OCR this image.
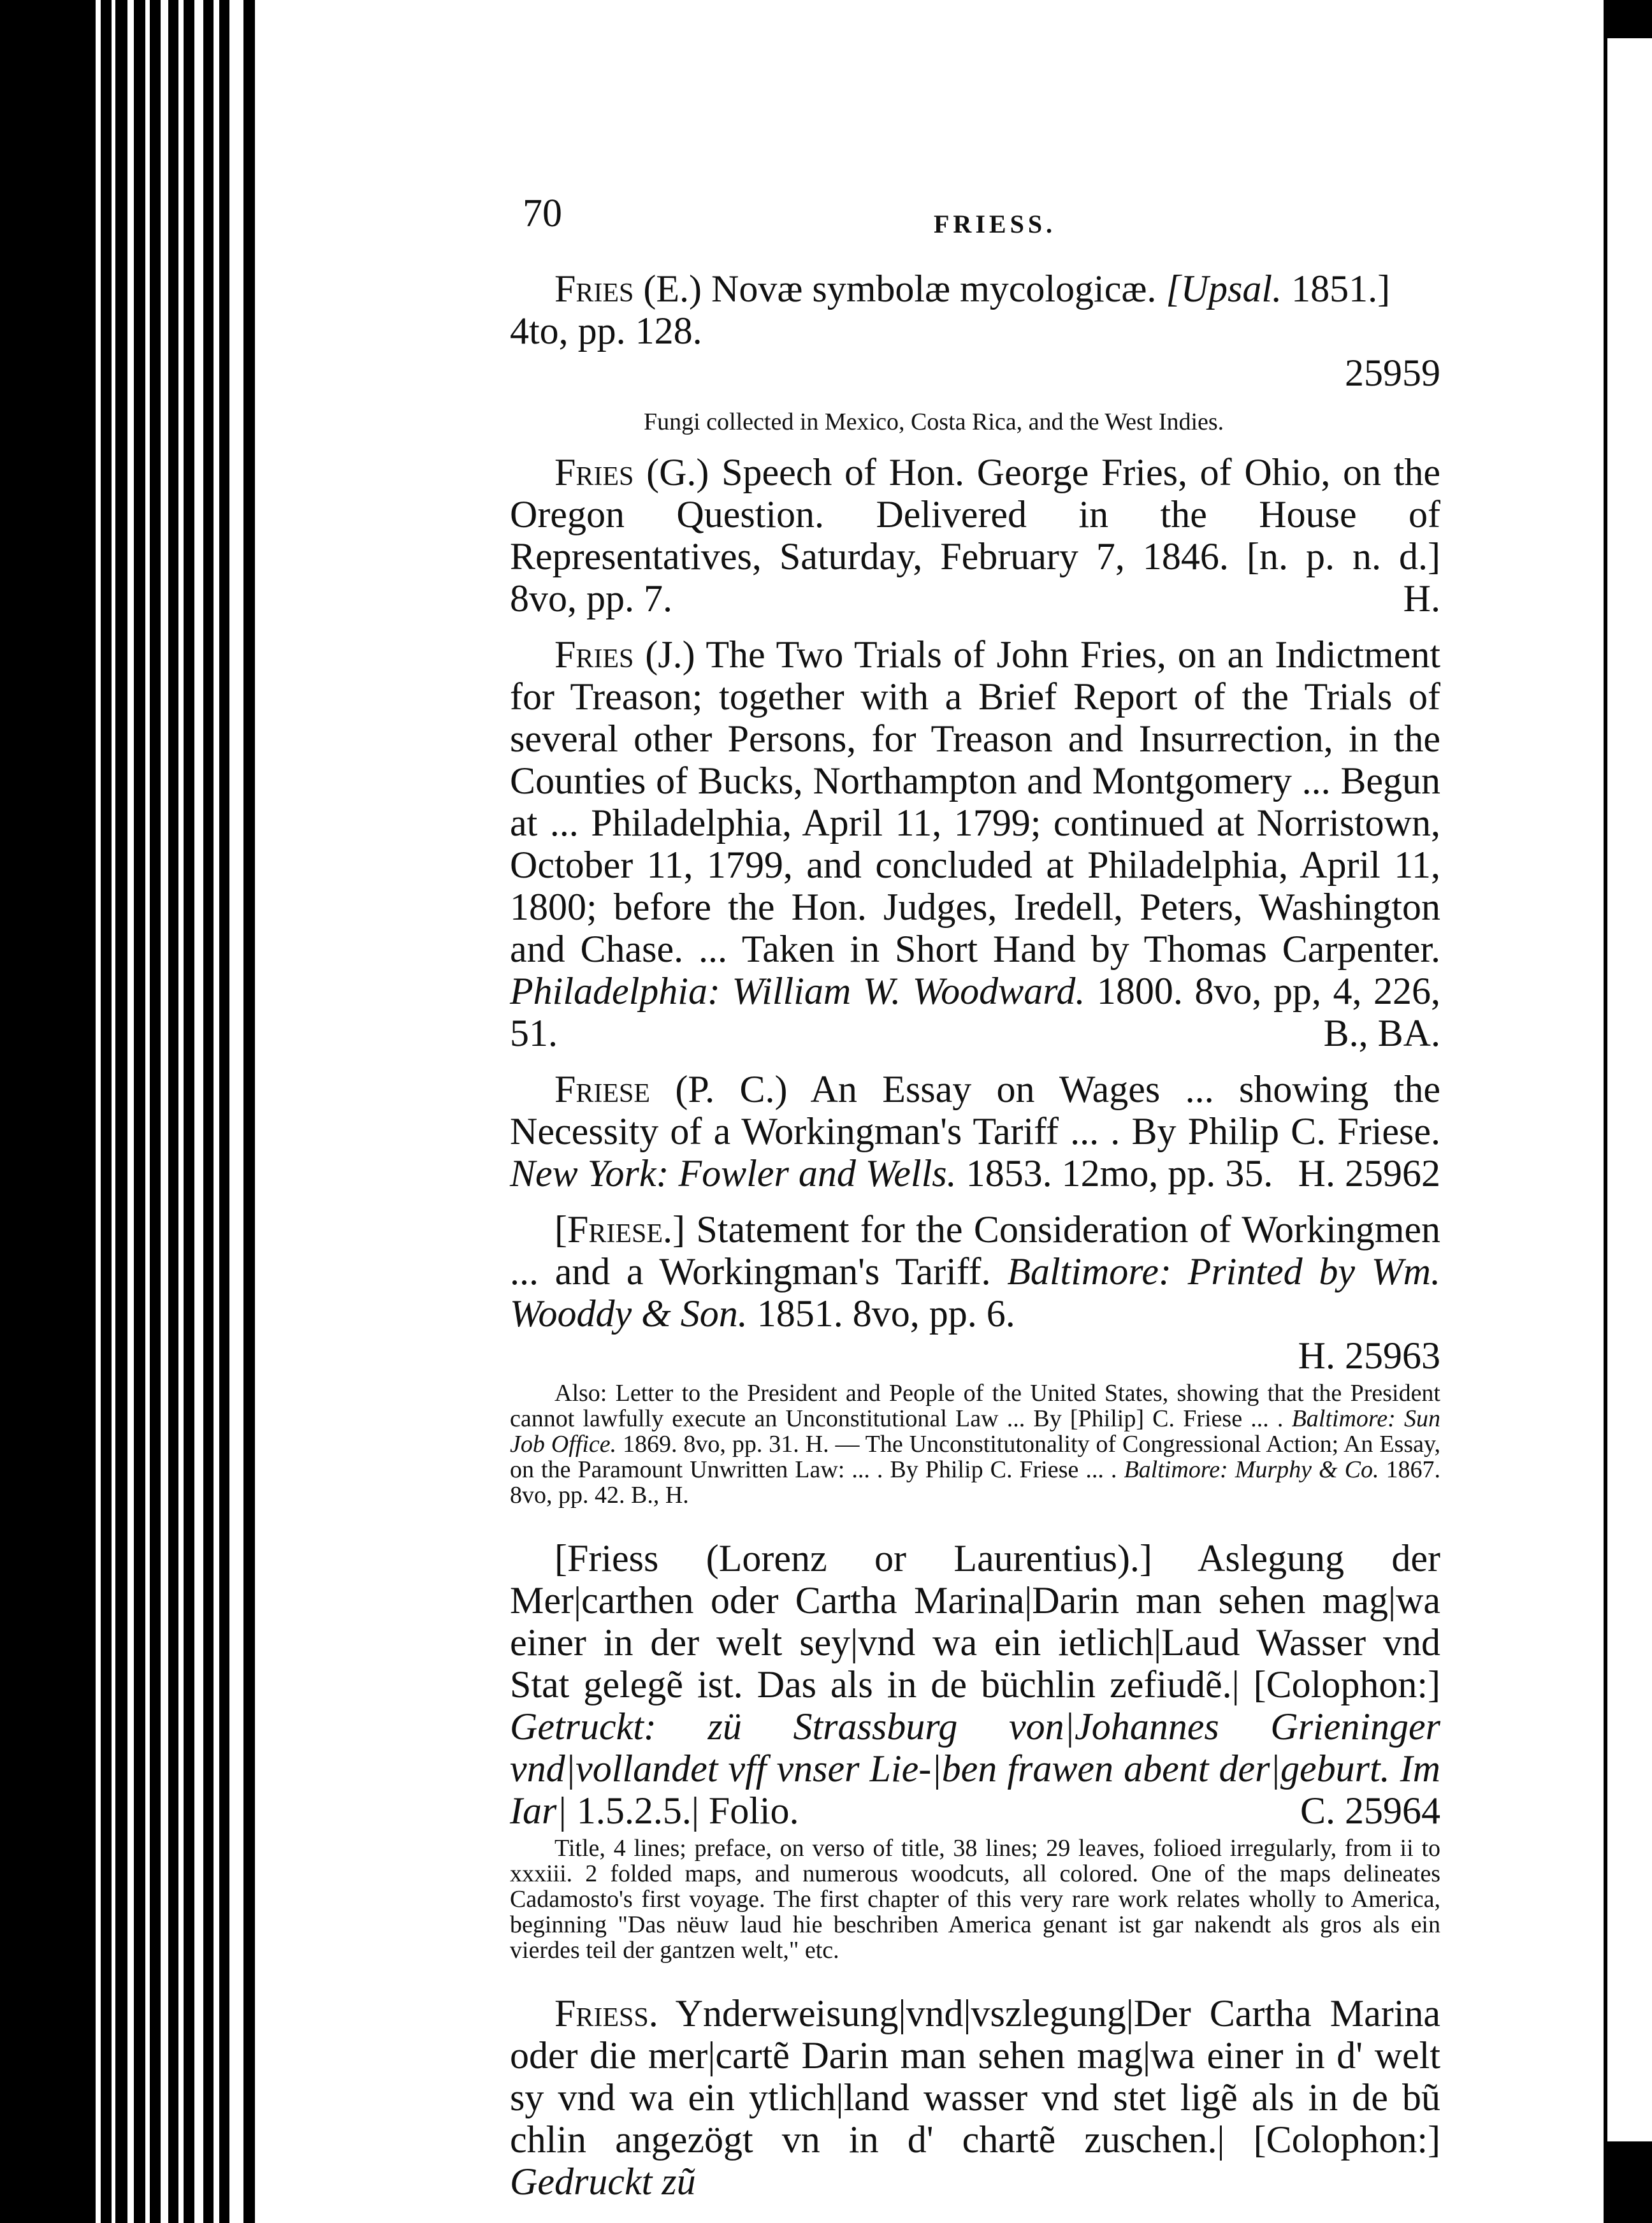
70	FRIESS.
Fries (E.) Novæ symbolæ mycologicæ. [Upsal. 1851.]
4to, pp. 128.
25959
Fungi collected in Mexico, Costa Rica, and the West Indies.
Fries (G.) Speech of Hon. George Fries, of Ohio, on the Oregon Question. Delivered in the House of Representatives, Saturday, February 7, 1846. [n. p. n. d.] 8vo, pp. 7.	H.
Fries (J.) The Two Trials of John Fries, on an Indictment for Treason; together with a Brief Report of the Trials of several other Persons, for Treason and Insurrection, in the Counties of Bucks, Northampton and Montgomery ... Begun at ... Philadelphia, April 11, 1799; continued at Norristown, October 11, 1799, and concluded at Philadelphia, April 11, 1800; before the Hon. Judges, Iredell, Peters, Washington and Chase. ... Taken in Short Hand by Thomas Carpenter. Philadelphia: William W. Woodward. 1800. 8vo, pp, 4, 226, 51.	B., BA.
Friese (P. C.) An Essay on Wages ... showing the Necessity of a Workingman's Tariff ... . By Philip C. Friese. New York: Fowler and Wells. 1853. 12mo, pp. 35. H. 25962
[Friese.] Statement for the Consideration of Workingmen ... and a Workingman's Tariff. Baltimore: Printed by Wm. Wooddy & Son. 1851. 8vo, pp. 6.
H. 25963

Also: Letter to the President and People of the United States, showing that the President cannot lawfully execute an Unconstitutional Law ... By [Philip] C. Friese ... . Baltimore: Sun Job Office. 1869. 8vo, pp. 31. H. — The Unconstitutonality of Congressional Action; An Essay, on the Paramount Unwritten Law: ... . By Philip C. Friese ... . Baltimore: Murphy & Co. 1867. 8vo, pp. 42. B., H.

[Friess (Lorenz or Laurentius).] Aslegung der Mer|carthen oder Cartha Marina|Darin man sehen mag|wa einer in der welt sey|vnd wa ein ietlich|Laud Wasser vnd Stat gelegẽ ist. Das als in de büchlin zefiudẽ.| [Colophon:] Getruckt: zü Strassburg von|Johannes Grieninger vnd|vollandet vff vnser Lie-|ben frawen abent der|geburt. Im Iar| 1.5.2.5.| Folio.	C. 25964

Title, 4 lines; preface, on verso of title, 38 lines; 29 leaves, folioed irregularly, from ii to xxxiii. 2 folded maps, and numerous woodcuts, all colored. One of the maps delineates Cadamosto's first voyage. The first chapter of this very rare work relates wholly to America, beginning "Das nëuw laud hie beschriben America genant ist gar nakendt als gros als ein vierdes teil der gantzen welt," etc.

Friess. Ynderweisung|vnd|vszlegung|Der Cartha Marina oder die mer|cartẽ Darin man sehen mag|wa einer in d' welt sy vnd wa ein ytlich|land wasser vnd stet ligẽ als in de bũ chlin angezögt vn in d' chartẽ zuschen.| [Colophon:] Gedruckt zũ
